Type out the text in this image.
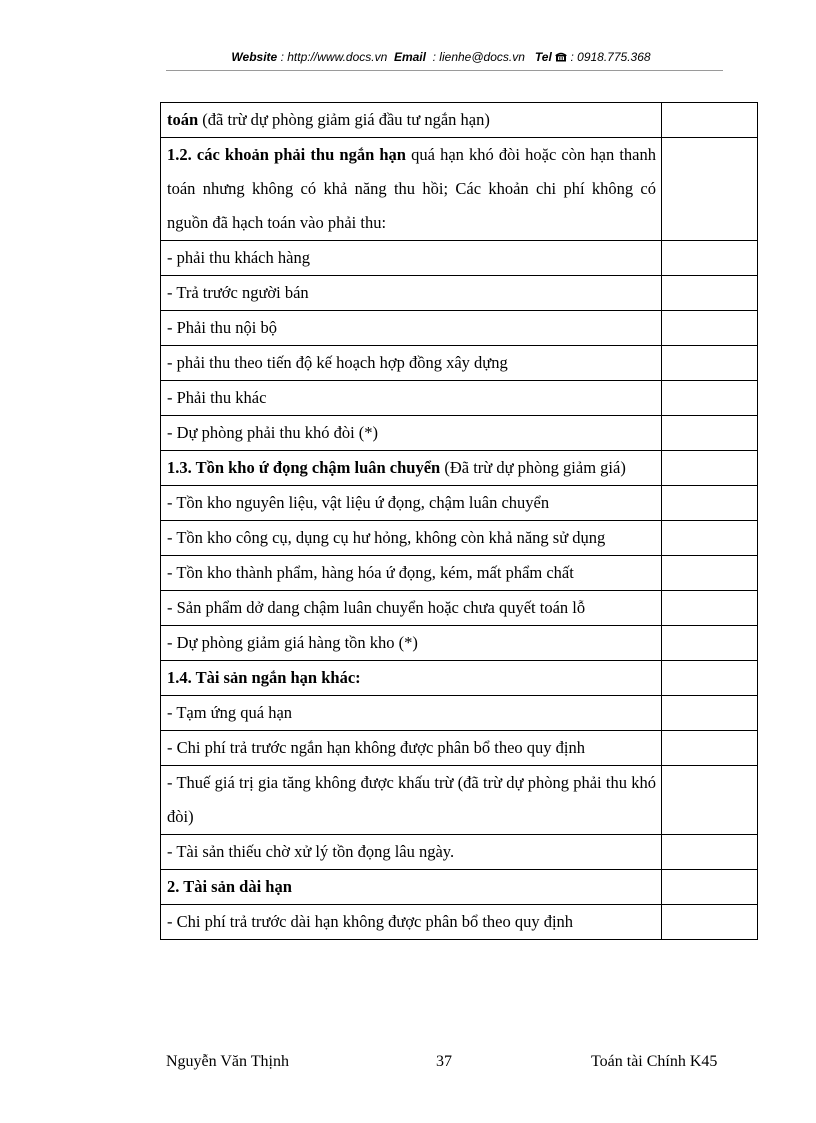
Website : http://www.docs.vn Email : lienhe@docs.vn Tel : 0918.775.368
toán (đã trừ dự phòng giảm giá đầu tư ngắn hạn)	
1.2. các khoản phải thu ngắn hạn quá hạn khó đòi hoặc còn hạn thanh toán nhưng không có khả năng thu hồi; Các khoản chi phí không có nguồn đã hạch toán vào phải thu:	
- phải thu khách hàng	
- Trả trước người bán	
- Phải thu nội bộ	
- phải thu theo tiến độ kế hoạch hợp đồng xây dựng	
- Phải thu khác	
- Dự phòng phải thu khó đòi (*)	
1.3. Tồn kho ứ đọng chậm luân chuyển (Đã trừ dự phòng giảm giá)	
- Tồn kho nguyên liệu, vật liệu ứ đọng, chậm luân chuyển	
- Tồn kho công cụ, dụng cụ hư hỏng, không còn khả năng sử dụng	
- Tồn kho thành phẩm, hàng hóa ứ đọng, kém, mất phẩm chất	
- Sản phẩm dở dang chậm luân chuyển hoặc chưa quyết toán lỗ	
- Dự phòng giảm giá hàng tồn kho (*)	
1.4. Tài sản ngắn hạn khác:	
- Tạm ứng quá hạn	
- Chi phí trả trước ngắn hạn không được phân bổ theo quy định	
- Thuế giá trị gia tăng không được khấu trừ (đã trừ dự phòng phải thu khó đòi)	
- Tài sản thiếu chờ xử lý tồn đọng lâu ngày.	
2. Tài sản dài hạn	
- Chi phí trả trước dài hạn không được phân bổ theo quy định	
Nguyễn Văn Thịnh	37	Toán tài Chính K45
